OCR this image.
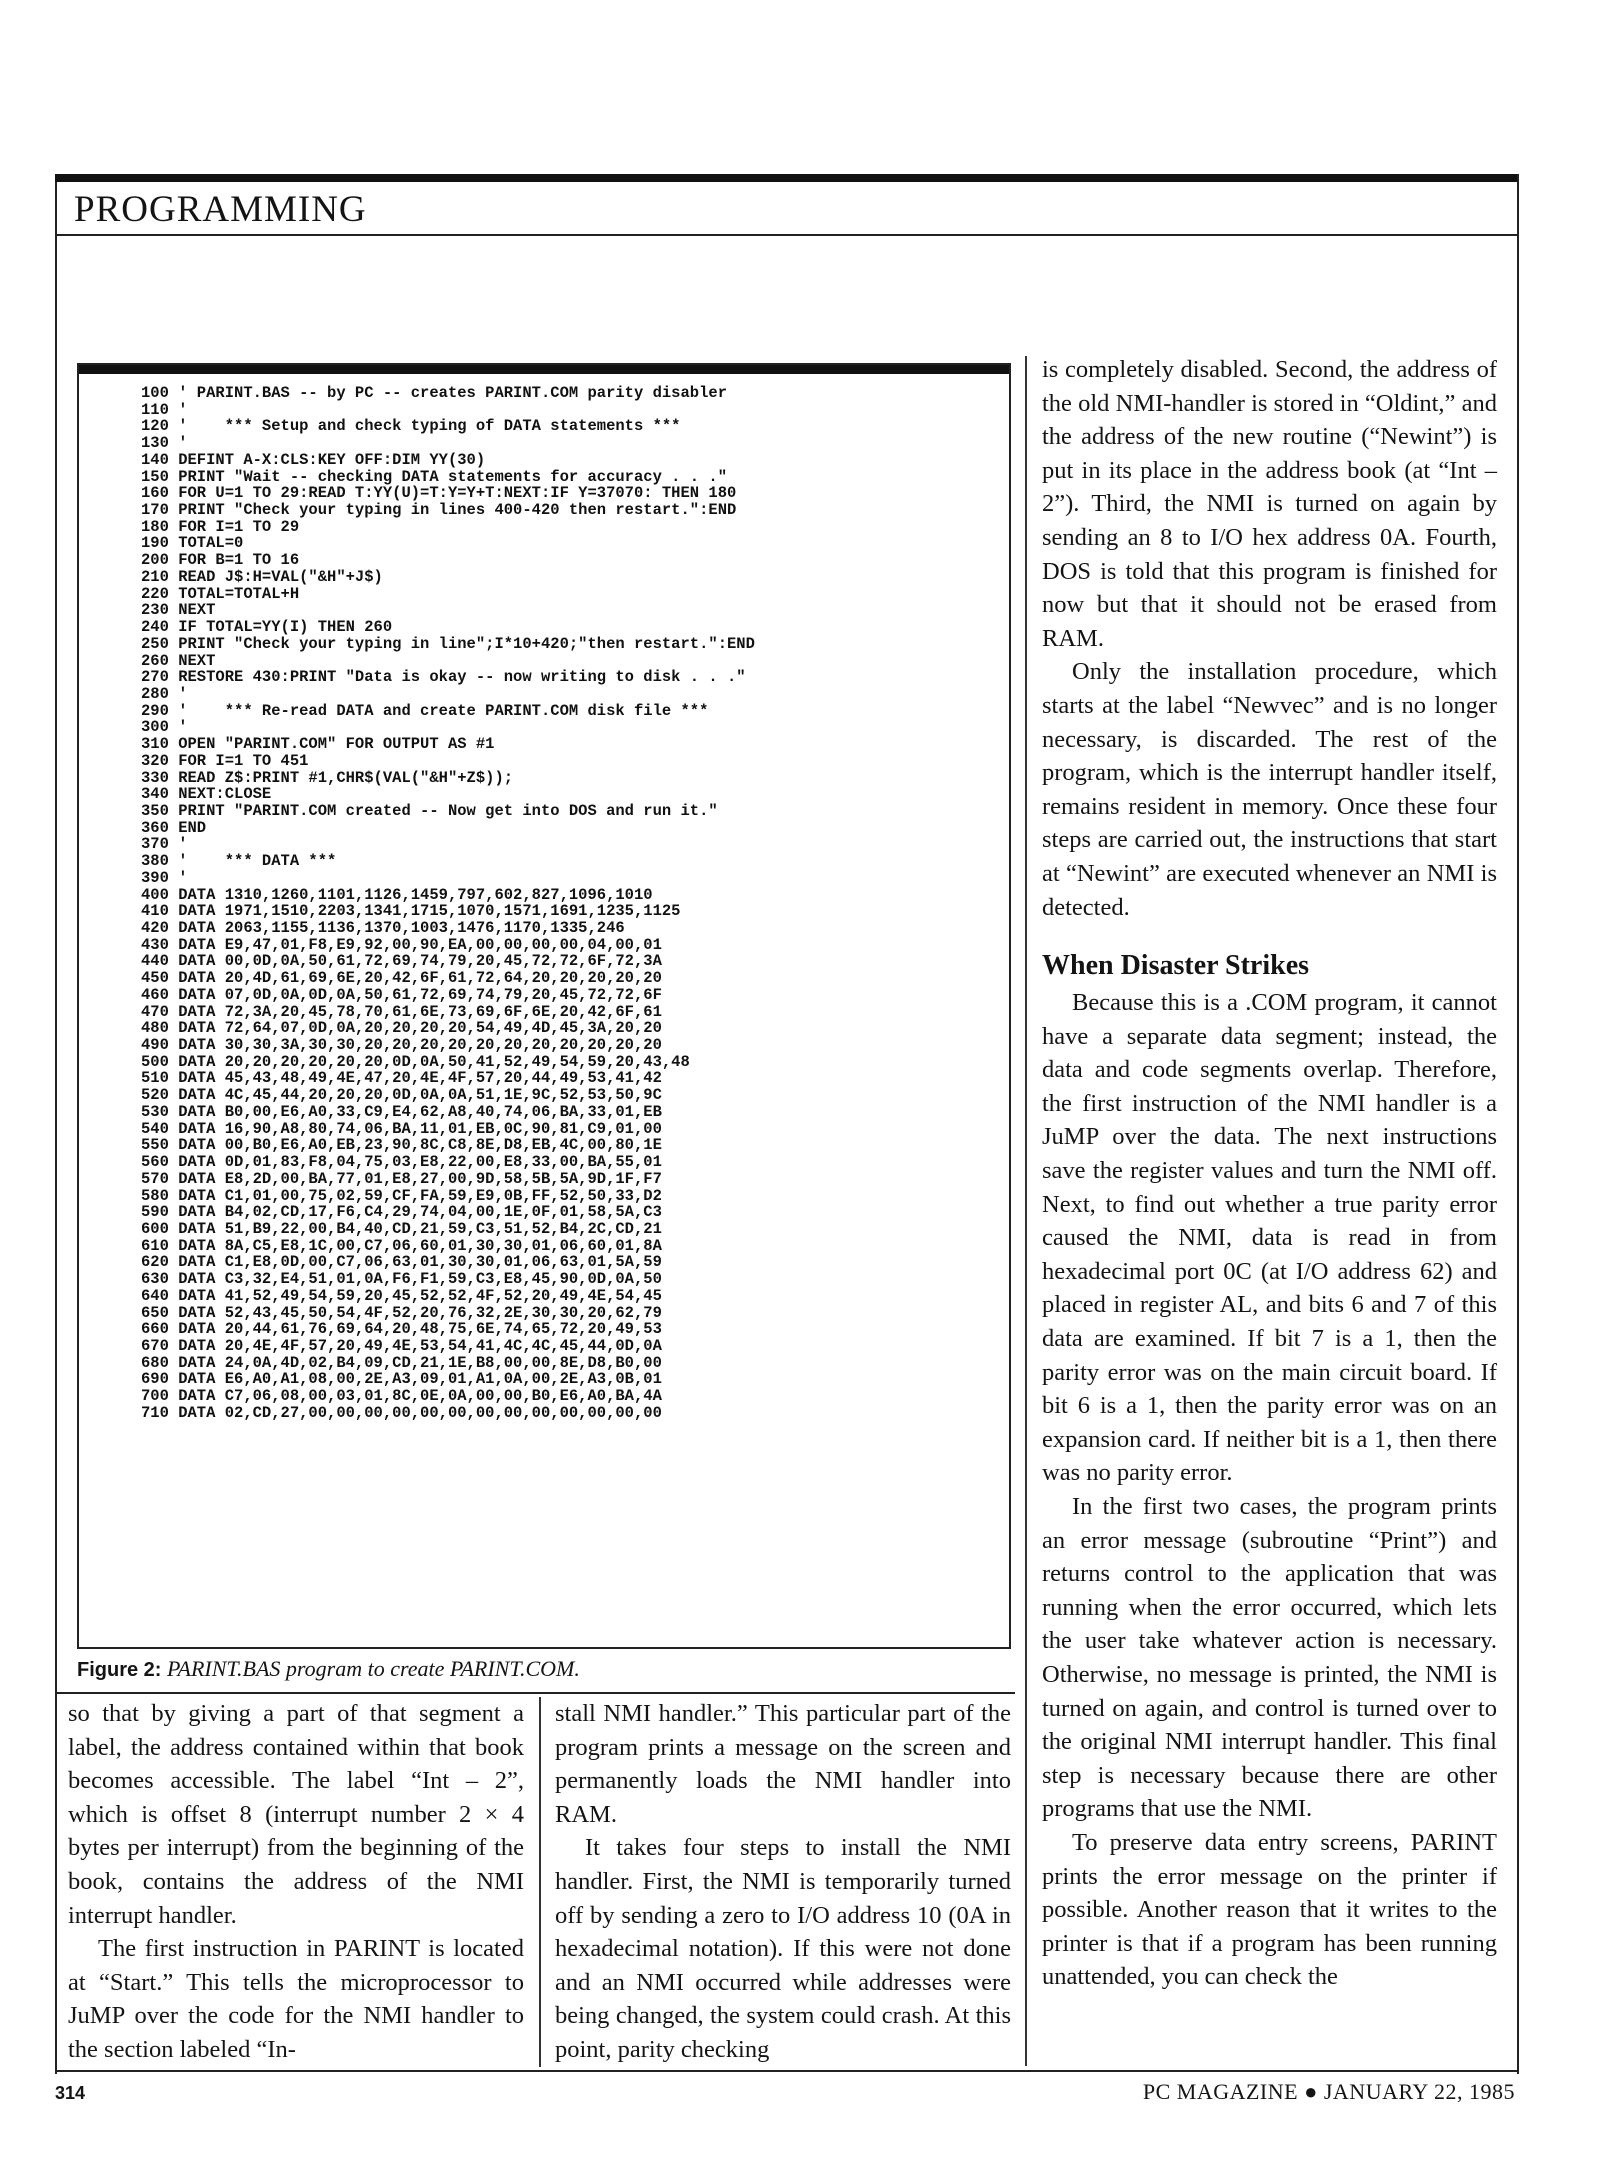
PROGRAMMING
100 ' PARINT.BAS -- by PC -- creates PARINT.COM parity disabler
110 '
120 '    *** Setup and check typing of DATA statements ***
130 '
140 DEFINT A-X:CLS:KEY OFF:DIM YY(30)
150 PRINT "Wait -- checking DATA statements for accuracy . . ."
160 FOR U=1 TO 29:READ T:YY(U)=T:Y=Y+T:NEXT:IF Y=37070: THEN 180
170 PRINT "Check your typing in lines 400-420 then restart.":END
180 FOR I=1 TO 29
190 TOTAL=0
200 FOR B=1 TO 16
210 READ J$:H=VAL("&H"+J$)
220 TOTAL=TOTAL+H
230 NEXT
240 IF TOTAL=YY(I) THEN 260
250 PRINT "Check your typing in line";I*10+420;"then restart.":END
260 NEXT
270 RESTORE 430:PRINT "Data is okay -- now writing to disk . . ."
280 '
290 '    *** Re-read DATA and create PARINT.COM disk file ***
300 '
310 OPEN "PARINT.COM" FOR OUTPUT AS #1
320 FOR I=1 TO 451
330 READ Z$:PRINT #1,CHR$(VAL("&H"+Z$));
340 NEXT:CLOSE
350 PRINT "PARINT.COM created -- Now get into DOS and run it."
360 END
370 '
380 '    *** DATA ***
390 '
400 DATA 1310,1260,1101,1126,1459,797,602,827,1096,1010
410 DATA 1971,1510,2203,1341,1715,1070,1571,1691,1235,1125
420 DATA 2063,1155,1136,1370,1003,1476,1170,1335,246
430 DATA E9,47,01,F8,E9,92,00,90,EA,00,00,00,00,04,00,01
440 DATA 00,0D,0A,50,61,72,69,74,79,20,45,72,72,6F,72,3A
450 DATA 20,4D,61,69,6E,20,42,6F,61,72,64,20,20,20,20,20
460 DATA 07,0D,0A,0D,0A,50,61,72,69,74,79,20,45,72,72,6F
470 DATA 72,3A,20,45,78,70,61,6E,73,69,6F,6E,20,42,6F,61
480 DATA 72,64,07,0D,0A,20,20,20,20,54,49,4D,45,3A,20,20
490 DATA 30,30,3A,30,30,20,20,20,20,20,20,20,20,20,20,20
500 DATA 20,20,20,20,20,20,0D,0A,50,41,52,49,54,59,20,43,48
510 DATA 45,43,48,49,4E,47,20,4E,4F,57,20,44,49,53,41,42
520 DATA 4C,45,44,20,20,20,0D,0A,0A,51,1E,9C,52,53,50,9C
530 DATA B0,00,E6,A0,33,C9,E4,62,A8,40,74,06,BA,33,01,EB
540 DATA 16,90,A8,80,74,06,BA,11,01,EB,0C,90,81,C9,01,00
550 DATA 00,B0,E6,A0,EB,23,90,8C,C8,8E,D8,EB,4C,00,80,1E
560 DATA 0D,01,83,F8,04,75,03,E8,22,00,E8,33,00,BA,55,01
570 DATA E8,2D,00,BA,77,01,E8,27,00,9D,58,5B,5A,9D,1F,F7
580 DATA C1,01,00,75,02,59,CF,FA,59,E9,0B,FF,52,50,33,D2
590 DATA B4,02,CD,17,F6,C4,29,74,04,00,1E,0F,01,58,5A,C3
600 DATA 51,B9,22,00,B4,40,CD,21,59,C3,51,52,B4,2C,CD,21
610 DATA 8A,C5,E8,1C,00,C7,06,60,01,30,30,01,06,60,01,8A
620 DATA C1,E8,0D,00,C7,06,63,01,30,30,01,06,63,01,5A,59
630 DATA C3,32,E4,51,01,0A,F6,F1,59,C3,E8,45,90,0D,0A,50
640 DATA 41,52,49,54,59,20,45,52,52,4F,52,20,49,4E,54,45
650 DATA 52,43,45,50,54,4F,52,20,76,32,2E,30,30,20,62,79
660 DATA 20,44,61,76,69,64,20,48,75,6E,74,65,72,20,49,53
670 DATA 20,4E,4F,57,20,49,4E,53,54,41,4C,4C,45,44,0D,0A
680 DATA 24,0A,4D,02,B4,09,CD,21,1E,B8,00,00,8E,D8,B0,00
690 DATA E6,A0,A1,08,00,2E,A3,09,01,A1,0A,00,2E,A3,0B,01
700 DATA C7,06,08,00,03,01,8C,0E,0A,00,00,B0,E6,A0,BA,4A
710 DATA 02,CD,27,00,00,00,00,00,00,00,00,00,00,00,00,00

Figure 2: PARINT.BAS program to create PARINT.COM.

so that by giving a part of that segment a label, the address contained within that book becomes accessible. The label “Int ‒ 2”, which is offset 8 (interrupt number 2 × 4 bytes per interrupt) from the beginning of the book, contains the address of the NMI interrupt handler.

The first instruction in PARINT is located at “Start.” This tells the microprocessor to JuMP over the code for the NMI handler to the section labeled “In-

stall NMI handler.” This particular part of the program prints a message on the screen and permanently loads the NMI handler into RAM.

It takes four steps to install the NMI handler. First, the NMI is temporarily turned off by sending a zero to I/O address 10 (0A in hexadecimal notation). If this were not done and an NMI occurred while addresses were being changed, the system could crash. At this point, parity checking

is completely disabled. Second, the address of the old NMI-handler is stored in “Oldint,” and the address of the new routine (“Newint”) is put in its place in the address book (at “Int ‒ 2”). Third, the NMI is turned on again by sending an 8 to I/O hex address 0A. Fourth, DOS is told that this program is finished for now but that it should not be erased from RAM.

Only the installation procedure, which starts at the label “Newvec” and is no longer necessary, is discarded. The rest of the program, which is the interrupt handler itself, remains resident in memory. Once these four steps are carried out, the instructions that start at “Newint” are executed whenever an NMI is detected.

When Disaster Strikes

Because this is a .COM program, it cannot have a separate data segment; instead, the data and code segments overlap. Therefore, the first instruction of the NMI handler is a JuMP over the data. The next instructions save the register values and turn the NMI off. Next, to find out whether a true parity error caused the NMI, data is read in from hexadecimal port 0C (at I/O address 62) and placed in register AL, and bits 6 and 7 of this data are examined. If bit 7 is a 1, then the parity error was on the main circuit board. If bit 6 is a 1, then the parity error was on an expansion card. If neither bit is a 1, then there was no parity error.

In the first two cases, the program prints an error message (subroutine “Print”) and returns control to the application that was running when the error occurred, which lets the user take whatever action is necessary. Otherwise, no message is printed, the NMI is turned on again, and control is turned over to the original NMI interrupt handler. This final step is necessary because there are other programs that use the NMI.

To preserve data entry screens, PARINT prints the error message on the printer if possible. Another reason that it writes to the printer is that if a program has been running unattended, you can check the

314	PC MAGAZINE ● JANUARY 22, 1985
